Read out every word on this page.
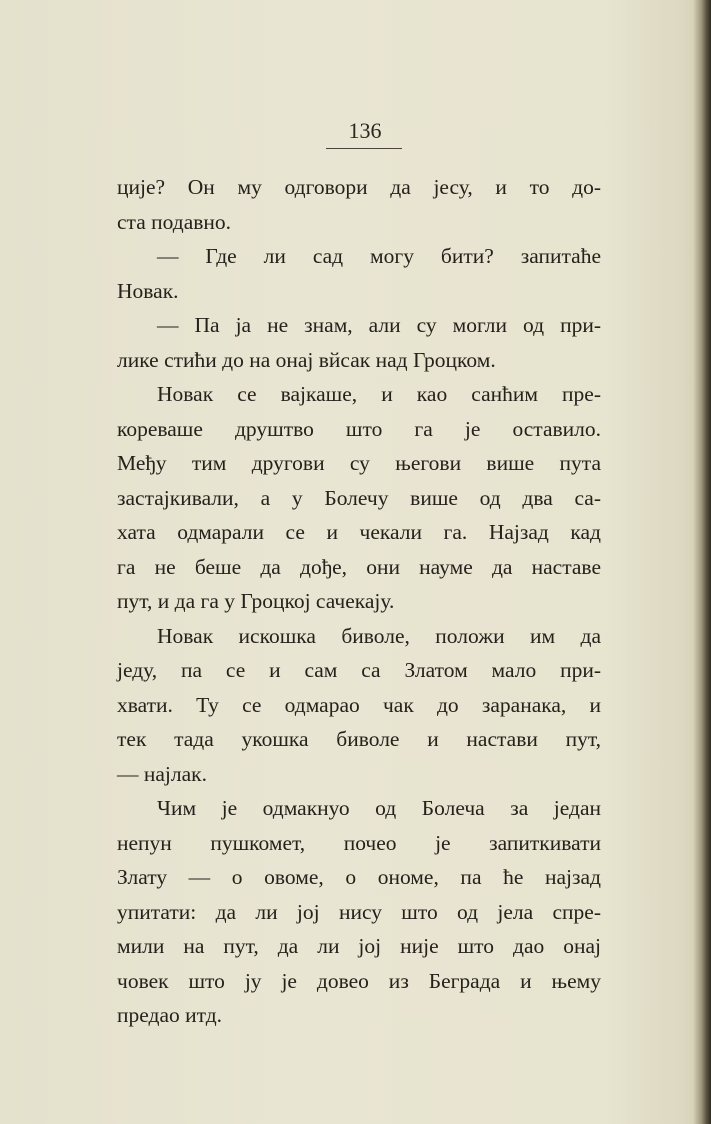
136
ције? Он му одговори да јесу, и то до-
ста подавно.
— Где ли сад могу бити? запитаће
Новак.
— Па ја не знам, али су могли од при-
лике стићи до на онај вйсак над Гроцком.
Новак се вајкаше, и као санћим пре-
кореваше друштво што га је оставило.
Међу тим другови су његови више пута
застајкивали, а у Болечу више од два са-
хата одмарали се и чекали га. Најзад кад
га не беше да дође, они науме да наставе
пут, и да га у Гроцкој сачекају.
Новак искошка биволе, положи им да
једу, па се и сам са Златом мало при-
хвати. Ту се одмарао чак до заранака, и
тек тада укошка биволе и настави пут,
— најлак.
Чим је одмакнуо од Болеча за један
непун пушкомет, почео је запиткивати
Злату — о овоме, о ономе, па ће најзад
упитати: да ли јој нису што од јела спре-
мили на пут, да ли јој није што дао онај
човек што ју је довео из Беграда и њему
предао итд.
